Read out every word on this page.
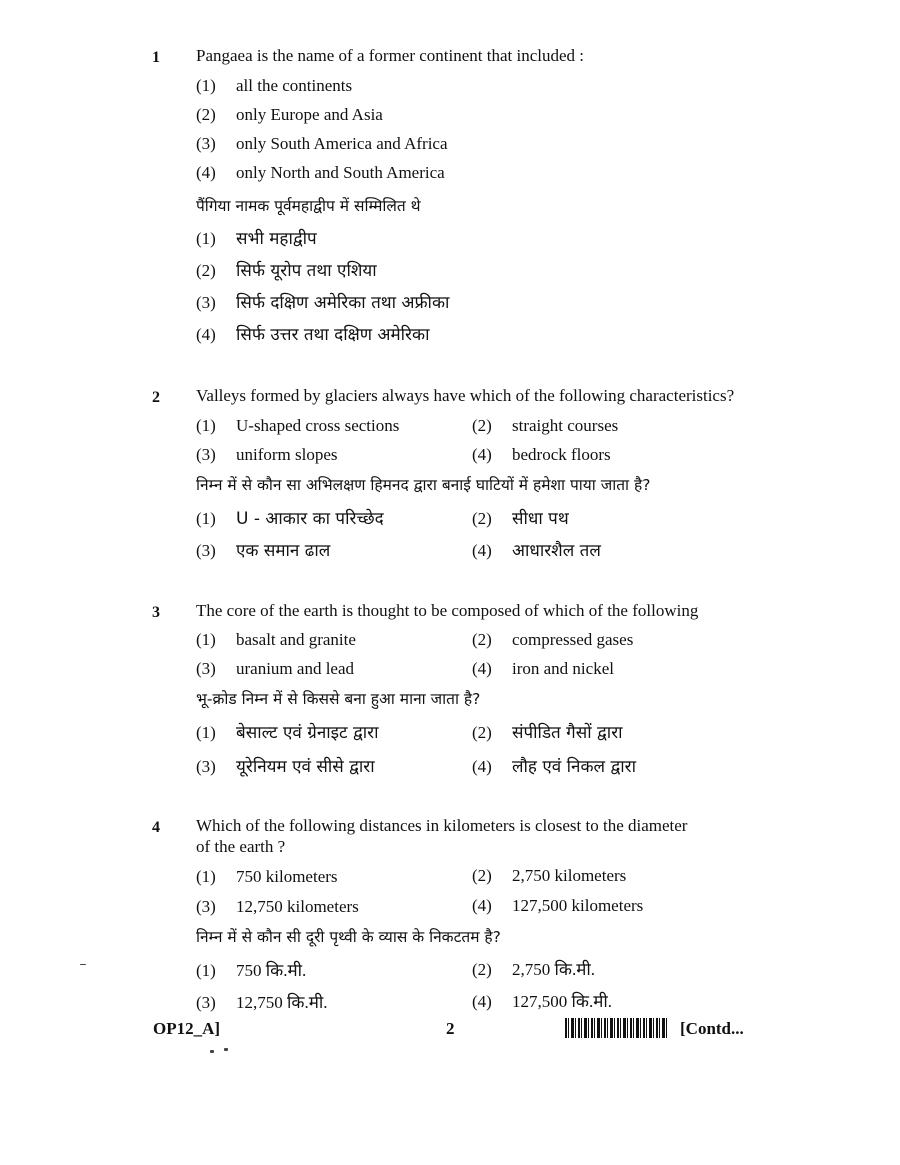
1 Pangaea is the name of a former continent that included :
(1) all the continents
(2) only Europe and Asia
(3) only South America and Africa
(4) only North and South America
पैंगिया नामक पूर्वमहाद्वीप में सम्मिलित थे
(1) सभी महाद्वीप
(2) सिर्फ यूरोप तथा एशिया
(3) सिर्फ दक्षिण अमेरिका तथा अफ्रीका
(4) सिर्फ उत्तर तथा दक्षिण अमेरिका
2 Valleys formed by glaciers always have which of the following characteristics?
(1) U-shaped cross sections	(2) straight courses
(3) uniform slopes	(4) bedrock floors
निम्न में से कौन सा अभिलक्षण हिमनद द्वारा बनाई घाटियों में हमेशा पाया जाता है?
(1) U - आकार का परिच्छेद	(2) सीधा पथ
(3) एक समान ढाल	(4) आधारशैल तल
3 The core of the earth is thought to be composed of which of the following
(1) basalt and granite	(2) compressed gases
(3) uranium and lead	(4) iron and nickel
भू-क्रोड निम्न में से किससे बना हुआ माना जाता है?
(1) बेसाल्ट एवं ग्रेनाइट द्वारा	(2) संपीडित गैसों द्वारा
(3) यूरेनियम एवं सीसे द्वारा	(4) लौह एवं निकल द्वारा
4 Which of the following distances in kilometers is closest to the diameter
of the earth ?
(1) 750 kilometers	(2) 2,750 kilometers
(3) 12,750 kilometers	(4) 127,500 kilometers
निम्न में से कौन सी दूरी पृथ्वी के व्यास के निकटतम है?
(1) 750 कि.मी.	(2) 2,750 कि.मी.
(3) 12,750 कि.मी.	(4) 127,500 कि.मी.
OP12_A]	2	[Contd...
